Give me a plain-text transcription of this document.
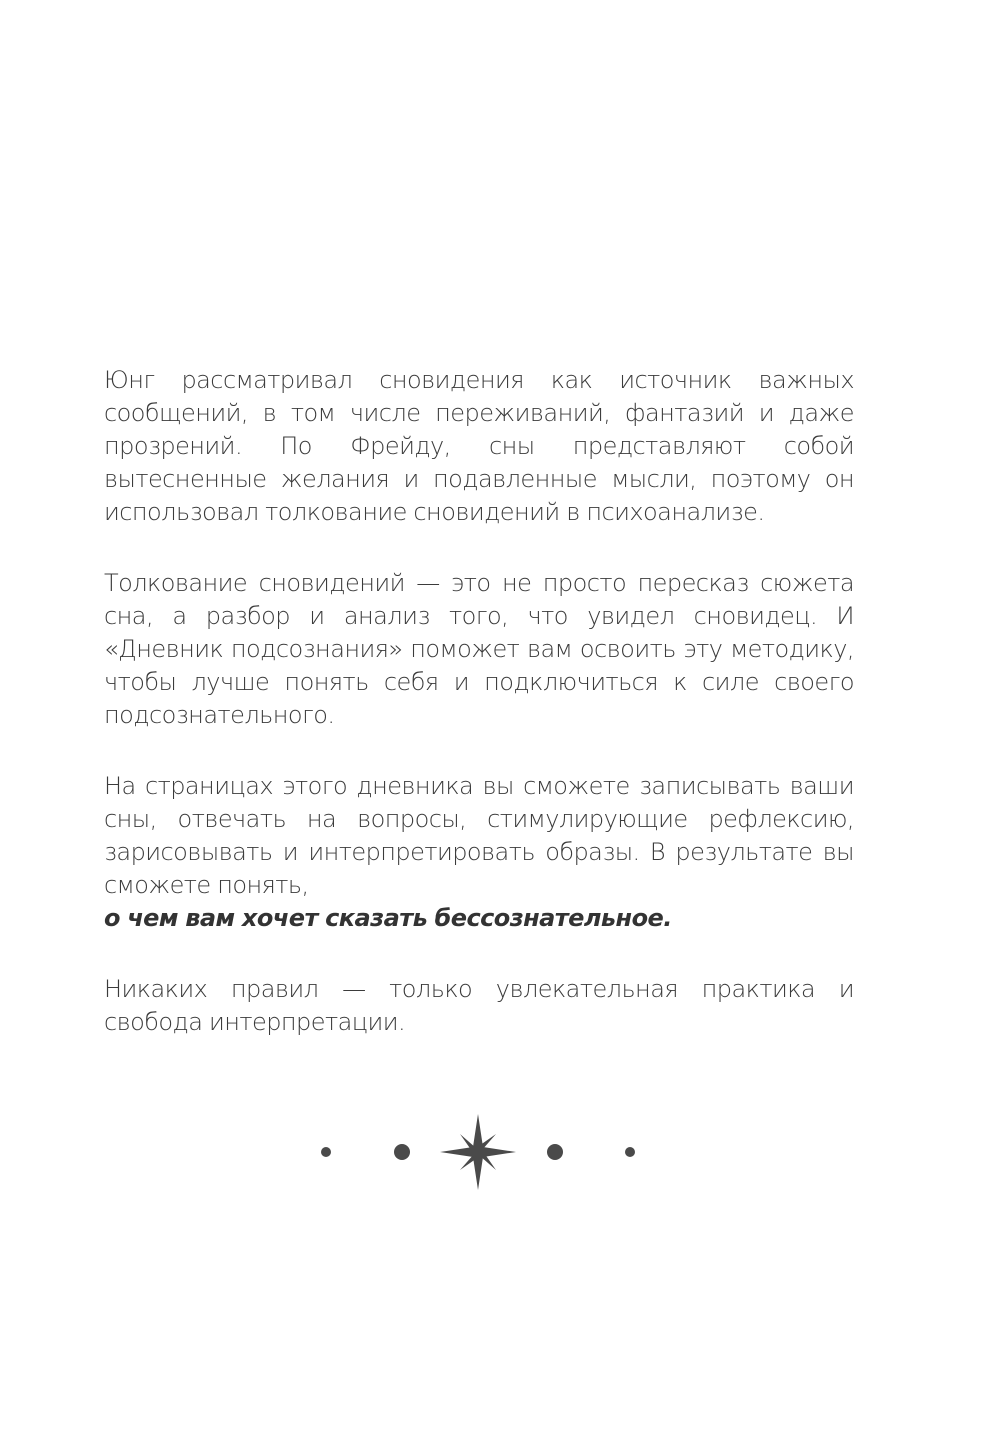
Юнг рассматривал сновидения как источник важных сообщений, в том числе переживаний, фантазий и даже прозрений. По Фрейду, сны представляют собой вытесненные желания и подавленные мысли, поэтому он использовал толкование сновидений в психоанализе.

Толкование сновидений — это не просто пересказ сюжета сна, а разбор и анализ того, что увидел сновидец. И «Дневник подсознания» поможет вам освоить эту методику, чтобы лучше понять себя и подключиться к силе своего подсознательного.

На страницах этого дневника вы сможете записывать ваши сны, отвечать на вопросы, стимулирующие рефлексию, зарисовывать и интерпретировать образы. В результате вы сможете понять,
о чем вам хочет сказать бессознательное.

Никаких правил — только увлекательная практика и свобода интерпретации.
